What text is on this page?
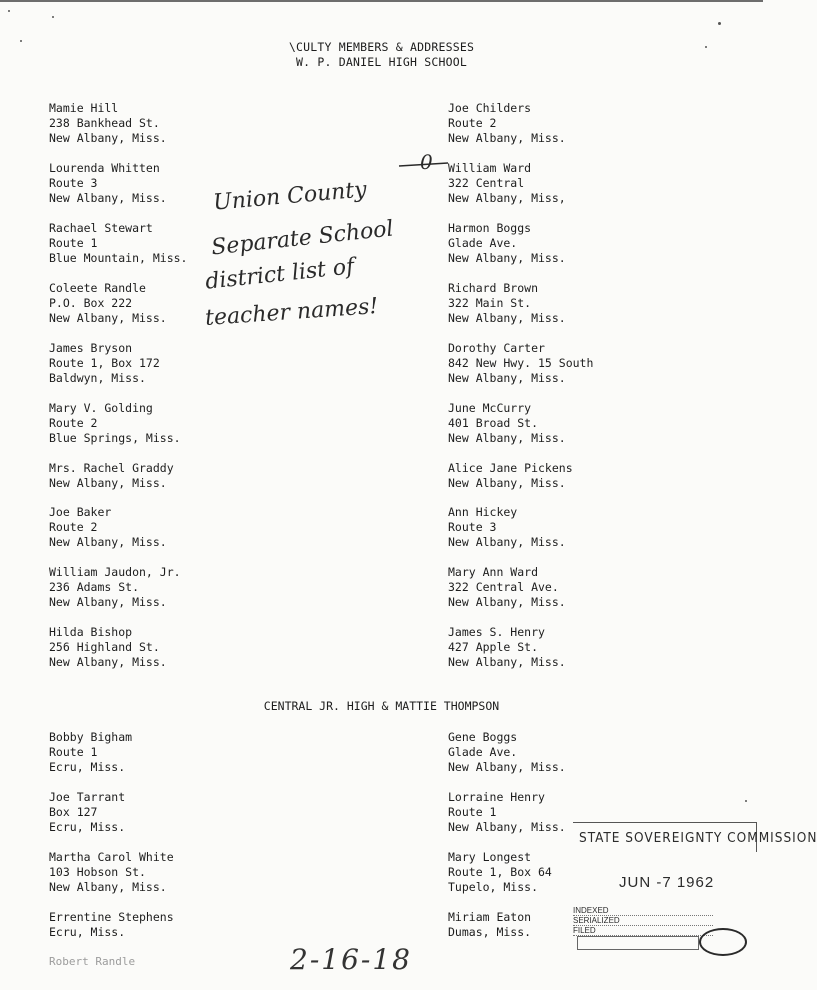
\CULTY MEMBERS & ADDRESSES
W. P. DANIEL HIGH SCHOOL
Mamie Hill
238 Bankhead St.
New Albany, Miss.
Lourenda Whitten
Route 3
New Albany, Miss.
Rachael Stewart
Route 1
Blue Mountain, Miss.
Coleete Randle
P.O. Box 222
New Albany, Miss.
James Bryson
Route 1, Box 172
Baldwyn, Miss.
Mary V. Golding
Route 2
Blue Springs, Miss.
Mrs. Rachel Graddy
New Albany, Miss.
Joe Baker
Route 2
New Albany, Miss.
William Jaudon, Jr.
236 Adams St.
New Albany, Miss.
Hilda Bishop
256 Highland St.
New Albany, Miss.
Joe Childers
Route 2
New Albany, Miss.
William Ward
322 Central
New Albany, Miss,
Harmon Boggs
Glade Ave.
New Albany, Miss.
Richard Brown
322 Main St.
New Albany, Miss.
Dorothy Carter
842 New Hwy. 15 South
New Albany, Miss.
June McCurry
401 Broad St.
New Albany, Miss.
Alice Jane Pickens
New Albany, Miss.
Ann Hickey
Route 3
New Albany, Miss.
Mary Ann Ward
322 Central Ave.
New Albany, Miss.
James S. Henry
427 Apple St.
New Albany, Miss.
CENTRAL JR. HIGH & MATTIE THOMPSON
Bobby Bigham
Route 1
Ecru, Miss.
Joe Tarrant
Box 127
Ecru, Miss.
Martha Carol White
103 Hobson St.
New Albany, Miss.
Errentine Stephens
Ecru, Miss.
Gene Boggs
Glade Ave.
New Albany, Miss.
Lorraine Henry
Route 1
New Albany, Miss.
Mary Longest
Route 1, Box 64
Tupelo, Miss.
Miriam Eaton
Dumas, Miss.
Union County
Separate School
district list of
teacher names!
0
STATE SOVEREIGNTY COMMISSION
JUN -7 1962
INDEXED
SERIALIZED
FILED
Robert Randle	2-16-18
